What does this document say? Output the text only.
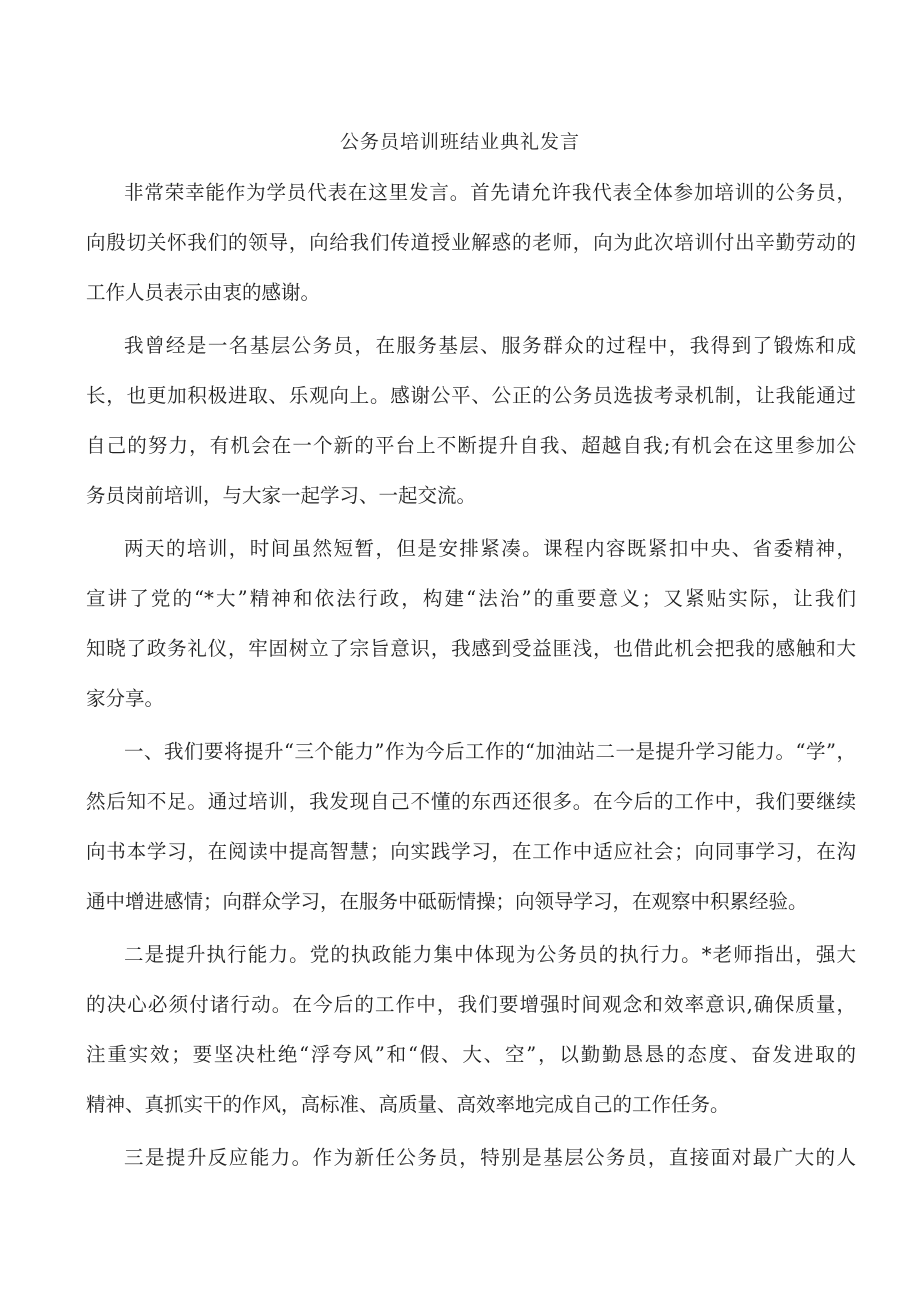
公务员培训班结业典礼发言
非常荣幸能作为学员代表在这里发言。首先请允许我代表全体参加培训的公务员，
向殷切关怀我们的领导，向给我们传道授业解惑的老师，向为此次培训付出辛勤劳动的
工作人员表示由衷的感谢。
我曾经是一名基层公务员，在服务基层、服务群众的过程中，我得到了锻炼和成
长，也更加积极进取、乐观向上。感谢公平、公正的公务员选拔考录机制，让我能通过
自己的努力，有机会在一个新的平台上不断提升自我、超越自我;有机会在这里参加公
务员岗前培训，与大家一起学习、一起交流。
两天的培训，时间虽然短暂，但是安排紧凑。课程内容既紧扣中央、省委精神，
宣讲了党的“*大”精神和依法行政，构建“法治”的重要意义；又紧贴实际，让我们
知晓了政务礼仪，牢固树立了宗旨意识，我感到受益匪浅，也借此机会把我的感触和大
家分享。
一、我们要将提升“三个能力”作为今后工作的“加油站二一是提升学习能力。“学”，
然后知不足。通过培训，我发现自己不懂的东西还很多。在今后的工作中，我们要继续
向书本学习，在阅读中提高智慧；向实践学习，在工作中适应社会；向同事学习，在沟
通中增进感情；向群众学习，在服务中砥砺情操；向领导学习，在观察中积累经验。
二是提升执行能力。党的执政能力集中体现为公务员的执行力。*老师指出，强大
的决心必须付诸行动。在今后的工作中，我们要增强时间观念和效率意识,确保质量，
注重实效；要坚决杜绝“浮夸风”和“假、大、空”，以勤勤恳恳的态度、奋发进取的
精神、真抓实干的作风，高标准、高质量、高效率地完成自己的工作任务。
三是提升反应能力。作为新任公务员，特别是基层公务员，直接面对最广大的人
